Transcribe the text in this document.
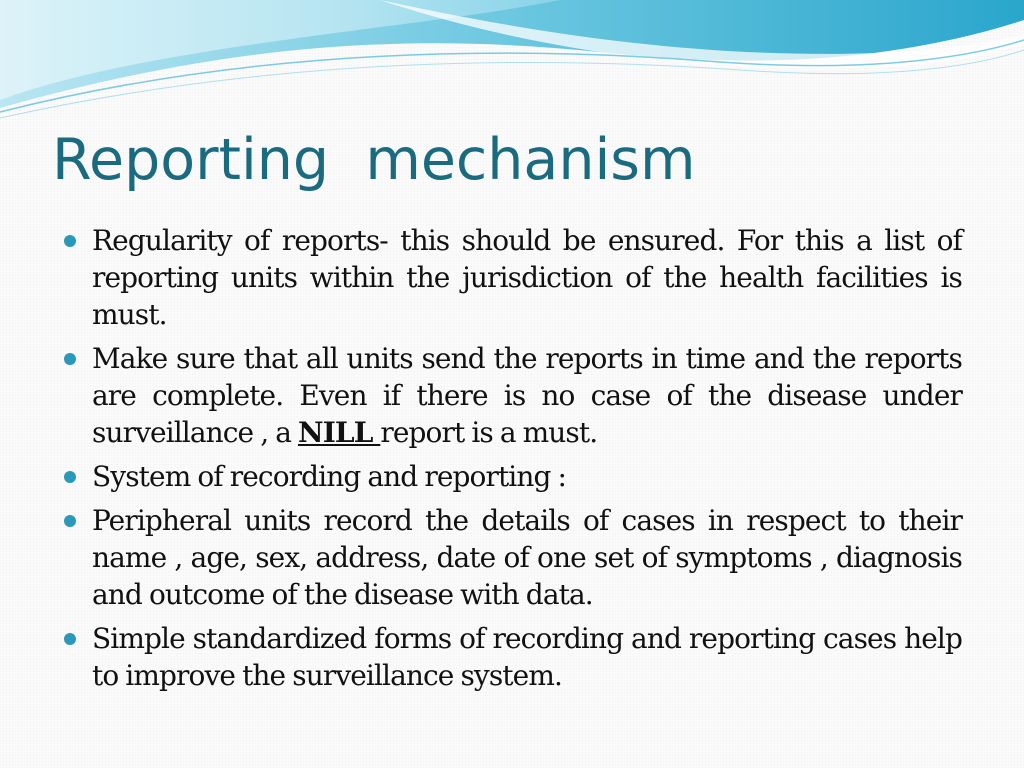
Reporting  mechanism
Regularity of reports- this should be ensured. For this a list of reporting units within the jurisdiction of the health facilities is must.
Make sure that all units send the reports in time and the reports are complete. Even if there is no case of the disease under surveillance , a NILL report is a must.
System of recording and reporting :
Peripheral units record the details of cases in respect to their name , age, sex, address, date of one set of symptoms , diagnosis and outcome of the disease with data.
Simple standardized forms of recording and reporting cases help to improve the surveillance system.
